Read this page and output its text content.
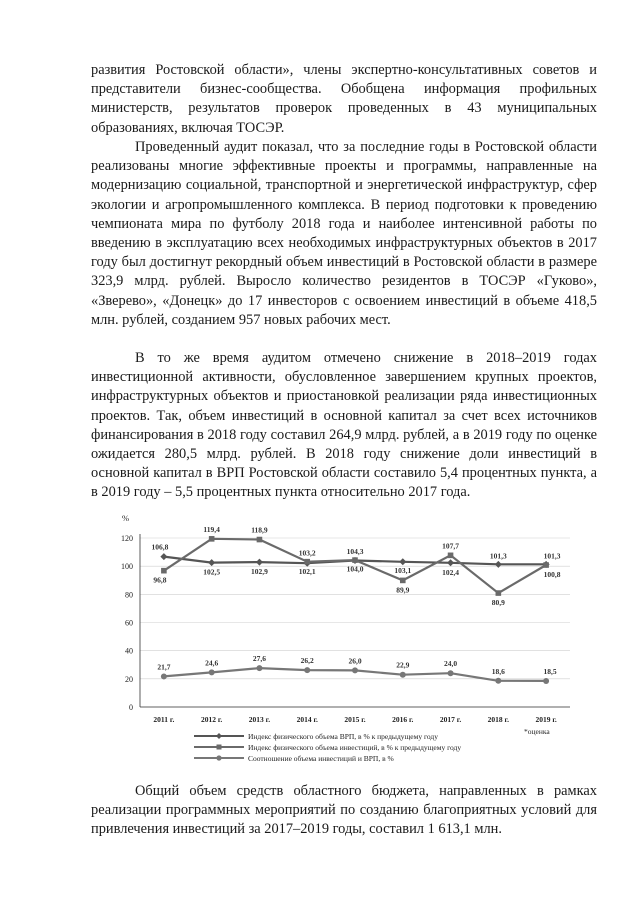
развития Ростовской области», члены экспертно-консультативных советов и представители бизнес-сообщества. Обобщена информация профильных министерств, результатов проверок проведенных в 43 муниципальных образованиях, включая ТОСЭР.

Проведенный аудит показал, что за последние годы в Ростовской области реализованы многие эффективные проекты и программы, направленные на модернизацию социальной, транспортной и энергетической инфраструктур, сфер экологии и агропромышленного комплекса. В период подготовки к проведению чемпионата мира по футболу 2018 года и наиболее интенсивной работы по введению в эксплуатацию всех необходимых инфраструктурных объектов в 2017 году был достигнут рекордный объем инвестиций в Ростовской области в размере 323,9 млрд. рублей. Выросло количество резидентов в ТОСЭР «Гуково», «Зверево», «Донецк» до 17 инвесторов с освоением инвестиций в объеме 418,5 млн. рублей, созданием 957 новых рабочих мест.

В то же время аудитом отмечено снижение в 2018–2019 годах инвестиционной активности, обусловленное завершением крупных проектов, инфраструктурных объектов и приостановкой реализации ряда инвестиционных проектов. Так, объем инвестиций в основной капитал за счет всех источников финансирования в 2018 году составил 264,9 млрд. рублей, а в 2019 году по оценке ожидается 280,5 млрд. рублей. В 2018 году снижение доли инвестиций в основной капитал в ВРП Ростовской области составило 5,4 процентных пункта, а в 2019 году – 5,5 процентных пункта относительно 2017 года.

%
0
20
40
60
80
100
120
106,8
102,5	102,9	102,1	104,0	103,1	102,4
101,3	101,3
96,8
119,4	118,9
103,2	104,3
89,9
107,7
80,9
100,8
21,7	24,6	27,6	26,2	26,0	22,9	24,0
18,6	18,5
2011 г.	2012 г.	2013 г.	2014 г.	2015 г.	2016 г.	2017 г.	2018 г.	2019 г.
*оценка
Индекс физического объема ВРП, в % к предыдущему году
Индекс физического объема инвестиций, в % к предыдущему году
Соотношение объема инвестиций и ВРП, в %

Общий объем средств областного бюджета, направленных в рамках реализации программных мероприятий по созданию благоприятных условий для привлечения инвестиций за 2017–2019 годы, составил 1 613,1 млн.
